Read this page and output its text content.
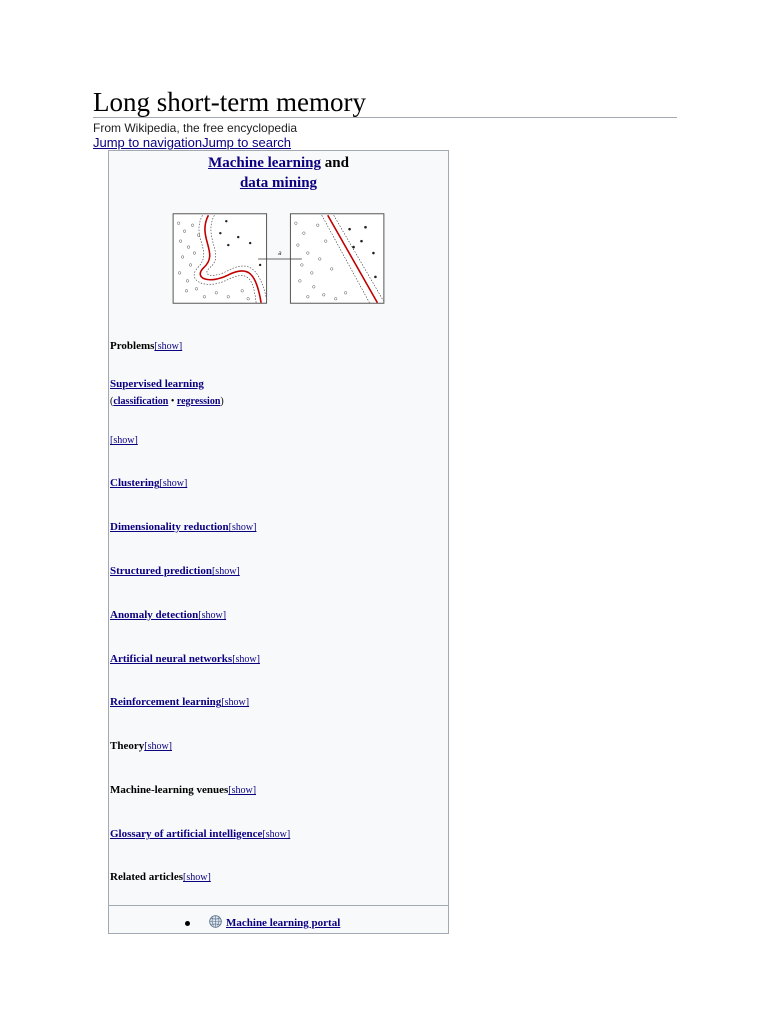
Long short-term memory
From Wikipedia, the free encyclopedia
Jump to navigationJump to search
Machine learning and
data mining
a
Problems[show]
Supervised learning
(classification • regression)
[show]
Clustering[show]
Dimensionality reduction[show]
Structured prediction[show]
Anomaly detection[show]
Artificial neural networks[show]
Reinforcement learning[show]
Theory[show]
Machine-learning venues[show]
Glossary of artificial intelligence[show]
Related articles[show]
Machine learning portal
